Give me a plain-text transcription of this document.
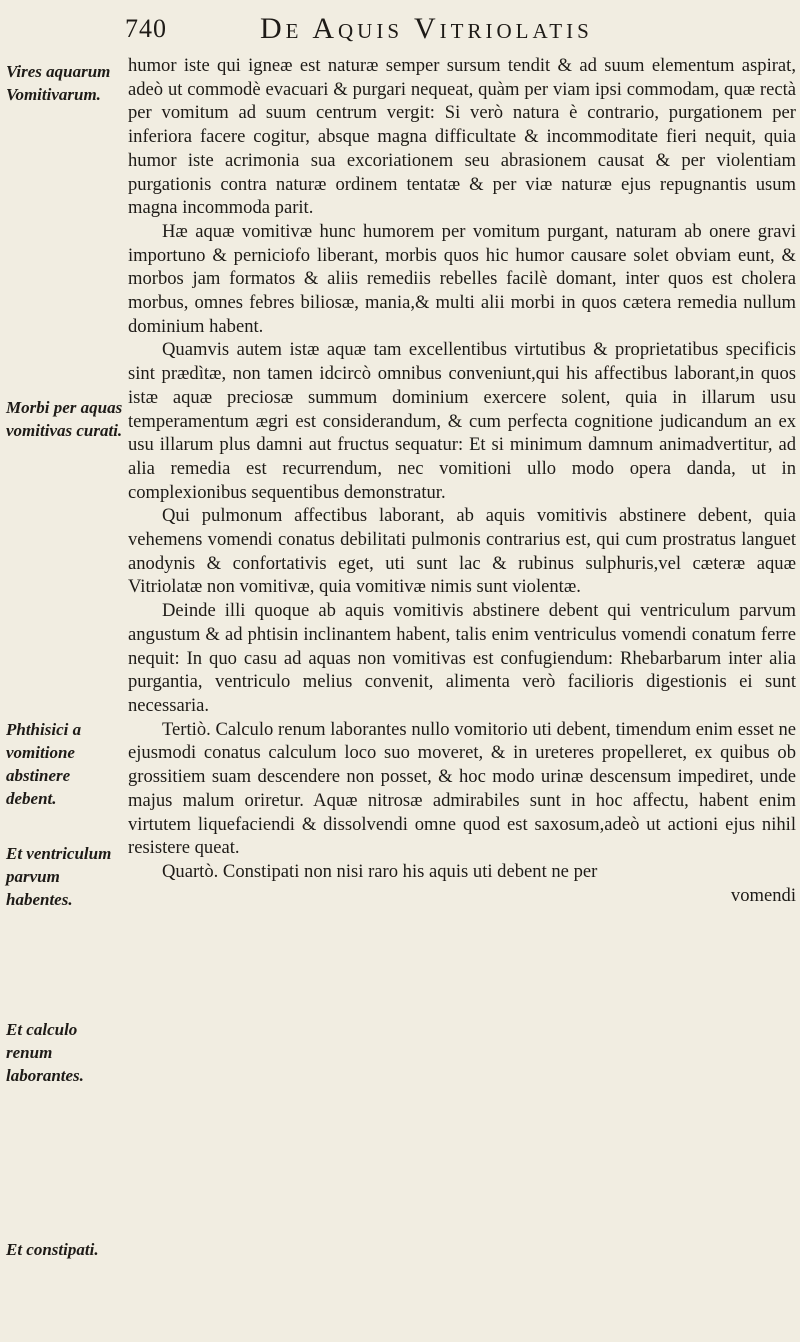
740	De Aquis Vitriolatis
Vires aquarum Vomitivarum.
Morbi per aquas vomitivas curati.
Phthisici a vomitione abstinere debent.
Et ventriculum parvum habentes.
Et calculo renum laborantes.
Et constipati.

humor iste qui igneæ est naturæ semper sursum tendit & ad suum elementum aspirat, adeò ut commodè evacuari & purgari nequeat, quàm per viam ipsi commodam, quæ rectà per vomitum ad suum centrum vergit: Si verò natura è contrario, purgationem per inferiora facere cogitur, absque magna difficultate & incommoditate fieri nequit, quia humor iste acrimonia sua excoriationem seu abrasionem causat & per violentiam purgationis contra naturæ ordinem tentatæ & per viæ naturæ ejus repugnantis usum magna incommoda parit.

Hæ aquæ vomitivæ hunc humorem per vomitum purgant, naturam ab onere gravi importuno & perniciofo liberant, morbis quos hic humor causare solet obviam eunt, & morbos jam formatos & aliis remediis rebelles facilè domant, inter quos est cholera morbus, omnes febres biliosæ, mania,& multi alii morbi in quos cætera remedia nullum dominium habent.

Quamvis autem istæ aquæ tam excellentibus virtutibus & proprietatibus specificis sint prædìtæ, non tamen idcircò omnibus conveniunt,qui his affectibus laborant,in quos istæ aquæ preciosæ summum dominium exercere solent, quia in illarum usu temperamentum ægri est considerandum, & cum perfecta cognitione judicandum an ex usu illarum plus damni aut fructus sequatur: Et si minimum damnum animadvertitur, ad alia remedia est recurrendum, nec vomitioni ullo modo opera danda, ut in complexionibus sequentibus demonstratur.

Qui pulmonum affectibus laborant, ab aquis vomitivis abstinere debent, quia vehemens vomendi conatus debilitati pulmonis contrarius est, qui cum prostratus languet anodynis & confortativis eget, uti sunt lac & rubinus sulphuris,vel cæteræ aquæ Vitriolatæ non vomitivæ, quia vomitivæ nimis sunt violentæ.

Deinde illi quoque ab aquis vomitivis abstinere debent qui ventriculum parvum angustum & ad phtisin inclinantem habent, talis enim ventriculus vomendi conatum ferre nequit: In quo casu ad aquas non vomitivas est confugiendum: Rhebarbarum inter alia purgantia, ventriculo melius convenit, alimenta verò facilioris digestionis ei sunt necessaria.

Tertiò. Calculo renum laborantes nullo vomitorio uti debent, timendum enim esset ne ejusmodi conatus calculum loco suo moveret, & in ureteres propelleret, ex quibus ob grossitiem suam descendere non posset, & hoc modo urinæ descensum impediret, unde majus malum oriretur. Aquæ nitrosæ admirabiles sunt in hoc affectu, habent enim virtutem liquefaciendi & dissolvendi omne quod est saxosum,adeò ut actioni ejus nihil resistere queat.

Quartò. Constipati non nisi raro his aquis uti debent ne per

vomendi
